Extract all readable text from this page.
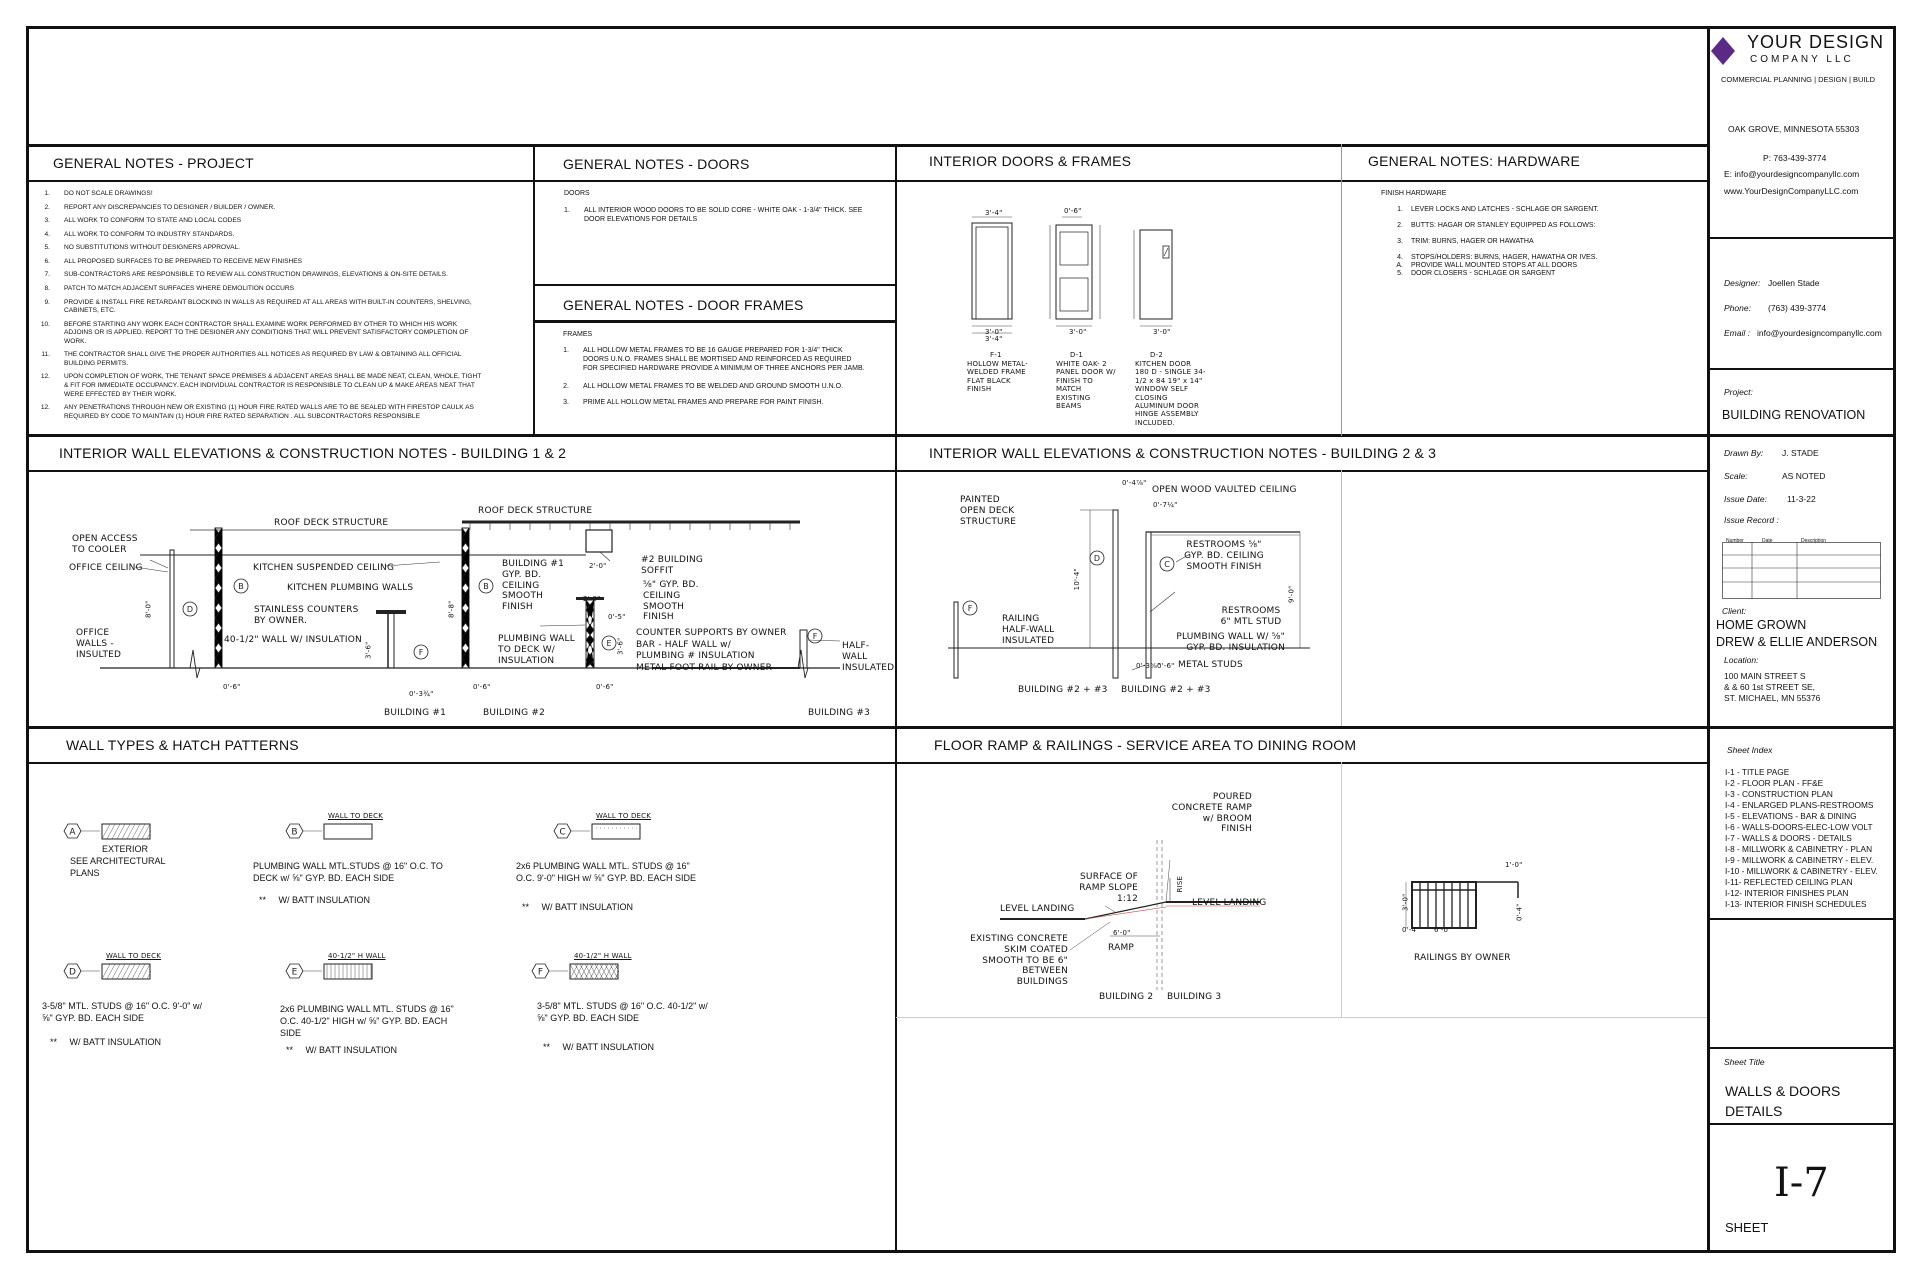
GENERAL NOTES - PROJECT
1.	DO NOT SCALE DRAWINGS!
2.	REPORT ANY DISCREPANCIES TO DESIGNER / BUILDER / OWNER.
3.	ALL WORK TO CONFORM TO STATE AND LOCAL CODES
4.	ALL WORK TO CONFORM TO INDUSTRY STANDARDS.
5.	NO SUBSTITUTIONS WITHOUT DESIGNERS APPROVAL.
6.	ALL PROPOSED SURFACES TO BE PREPARED TO RECEIVE NEW FINISHES
7.	SUB-CONTRACTORS ARE RESPONSIBLE TO REVIEW ALL CONSTRUCTION DRAWINGS, ELEVATIONS & ON-SITE DETAILS.
8.	PATCH TO MATCH ADJACENT SURFACES WHERE DEMOLITION OCCURS
9.	PROVIDE & INSTALL FIRE RETARDANT BLOCKING IN WALLS AS REQUIRED AT ALL AREAS WITH BUILT-IN COUNTERS, SHELVING, CABINETS, ETC.
10.	BEFORE STARTING ANY WORK EACH CONTRACTOR SHALL EXAMINE WORK PERFORMED BY OTHER TO WHICH HIS WORK ADJOINS OR IS APPLIED. REPORT TO THE DESIGNER ANY CONDITIONS THAT WILL PREVENT SATISFACTORY COMPLETION OF WORK.
11.	THE CONTRACTOR SHALL GIVE THE PROPER AUTHORITIES ALL NOTICES AS REQUIRED BY LAW & OBTAINING ALL OFFICIAL BUILDING PERMITS.
12.	UPON COMPLETION OF WORK, THE TENANT SPACE PREMISES & ADJACENT AREAS SHALL BE MADE NEAT, CLEAN, WHOLE, TIGHT & FIT FOR IMMEDIATE OCCUPANCY. EACH INDIVIDUAL CONTRACTOR IS RESPONSIBLE TO CLEAN UP & MAKE AREAS NEAT THAT WERE EFFECTED BY THEIR WORK.
12.	ANY PENETRATIONS THROUGH NEW OR EXISTING (1) HOUR FIRE RATED WALLS ARE TO BE SEALED WITH FIRESTOP CAULK AS REQUIRED BY CODE TO MAINTAIN (1) HOUR FIRE RATED SEPARATION . ALL SUBCONTRACTORS RESPONSIBLE
GENERAL NOTES - DOORS
DOORS
1. ALL INTERIOR WOOD DOORS TO BE SOLID CORE - WHITE OAK - 1-3/4" THICK. SEE DOOR ELEVATIONS FOR DETAILS
GENERAL NOTES - DOOR FRAMES
FRAMES
1.	ALL HOLLOW METAL FRAMES TO BE 16 GAUGE PREPARED FOR 1-3/4" THICK DOORS U.N.O. FRAMES SHALL BE MORTISED AND REINFORCED AS REQUIRED FOR SPECIFIED HARDWARE PROVIDE A MINIMUM OF THREE ANCHORS PER JAMB.
2.	ALL HOLLOW METAL FRAMES TO BE WELDED AND GROUND SMOOTH U.N.O.
3.	PRIME ALL HOLLOW METAL FRAMES AND PREPARE FOR PAINT FINISH.
INTERIOR DOORS & FRAMES
3'-4"	0'-6"
3'-0"
3'-4"
3'-0"	3'-0"
F-1
HOLLOW METAL- WELDED FRAME FLAT BLACK FINISH
D-1
WHITE OAK- 2 PANEL DOOR W/ FINISH TO MATCH EXISTING BEAMS
D-2
KITCHEN DOOR 180 D - SINGLE 34-1/2 x 84 19" x 14" WINDOW SELF CLOSING ALUMINUM DOOR HINGE ASSEMBLY INCLUDED.
GENERAL NOTES: HARDWARE
FINISH HARDWARE
1.	LEVER LOCKS AND LATCHES - SCHLAGE OR SARGENT.
2.	BUTTS: HAGAR OR STANLEY EQUIPPED AS FOLLOWS:
3.	TRIM: BURNS, HAGER OR HAWATHA
4.	STOPS/HOLDERS: BURNS, HAGER, HAWATHA OR IVES.
A.	PROVIDE WALL MOUNTED STOPS AT ALL DOORS
5.	DOOR CLOSERS - SCHLAGE OR SARGENT
INTERIOR WALL ELEVATIONS & CONSTRUCTION NOTES - BUILDING 1 & 2
D
B	B
F
E
F
ROOF DECK STRUCTURE
ROOF DECK STRUCTURE
OPEN ACCESS TO COOLER
OFFICE CEILING	KITCHEN SUSPENDED CEILING
KITCHEN PLUMBING WALLS
STAINLESS COUNTERS BY OWNER.
40-1/2" WALL W/ INSULATION
OFFICE WALLS - INSULTED
BUILDING #1 GYP. BD. CEILING SMOOTH FINISH
#2 BUILDING SOFFIT
⅝" GYP. BD. CEILING SMOOTH FINISH
PLUMBING WALL TO DECK W/ INSULATION
COUNTER SUPPORTS BY OWNER
BAR - HALF WALL w/ PLUMBING # INSULATION
METAL FOOT RAIL BY OWNER
HALF-WALL INSULATED
BUILDING #1	BUILDING #2	BUILDING #3
0'-6"	0'-6"	0'-6"
0'-3¾"
2'-0"
2'-0"
0'-5"
8'-0"	8'-8"
3'-6"	3'-6"
INTERIOR WALL ELEVATIONS & CONSTRUCTION NOTES - BUILDING 2 & 3
F
D
C
PAINTED OPEN DECK STRUCTURE
OPEN WOOD VAULTED CEILING
RESTROOMS ⅝" GYP. BD. CEILING SMOOTH FINISH
RESTROOMS 6" MTL STUD
PLUMBING WALL W/ ⅝" GYP. BD. INSULATION
RAILING HALF-WALL INSULATED
METAL STUDS
BUILDING #2 + #3 BUILDING #2 + #3
0'-4⅞"
0'-7¼"
10'-4"
9'-0"
0'-3⅝"
0'-6"
WALL TYPES & HATCH PATTERNS
A
EXTERIOR
SEE ARCHITECTURAL PLANS
B
WALL TO DECK
PLUMBING WALL MTL.STUDS @ 16" O.C. TO DECK w/ ⅝" GYP. BD. EACH SIDE
**     W/ BATT INSULATION
C
WALL TO DECK
2x6 PLUMBING WALL MTL. STUDS @ 16" O.C. 9'-0" HIGH w/ ⅝" GYP. BD. EACH SIDE
**     W/ BATT INSULATION
D
WALL TO DECK
3-5/8" MTL. STUDS @ 16" O.C. 9'-0" w/ ⅝" GYP. BD. EACH SIDE
**     W/ BATT INSULATION
E
40-1/2" H WALL
2x6 PLUMBING WALL MTL. STUDS @ 16" O.C. 40-1/2" HIGH w/ ⅝" GYP. BD. EACH SIDE
**     W/ BATT INSULATION
F
40-1/2" H WALL
3-5/8" MTL. STUDS @ 16" O.C. 40-1/2" w/ ⅝" GYP. BD. EACH SIDE
**     W/ BATT INSULATION
FLOOR RAMP & RAILINGS - SERVICE AREA TO DINING ROOM
POURED CONCRETE RAMP w/ BROOM FINISH
SURFACE OF RAMP SLOPE 1:12
RISE
LEVEL LANDING
LEVEL LANDING
EXISTING CONCRETE SKIM COATED SMOOTH TO BE 6" BETWEEN BUILDINGS
RAMP
6'-0"
BUILDING 2 BUILDING 3
1'-0"
3'-0"
0'-4" 6'-0"
0'-4"
RAILINGS BY OWNER
YOUR DESIGN
COMPANY LLC
COMMERCIAL PLANNING | DESIGN | BUILD
OAK GROVE, MINNESOTA 55303
P: 763-439-3774
E: info@yourdesigncompanyllc.com
www.YourDesignCompanyLLC.com
Designer: Joellen Stade
Phone: (763) 439-3774
Email : info@yourdesigncompanyllc.com
Project:
BUILDING RENOVATION
Drawn By: J. STADE
Scale:	AS NOTED
Issue Date: 11-3-22
Issue Record :
Number	Date	Description
Client:
HOME GROWN
DREW & ELLIE ANDERSON
Location:
100 MAIN STREET S
& & 60 1st STREET SE,
ST. MICHAEL, MN 55376
Sheet Index
I-1 - TITLE PAGE
I-2 - FLOOR PLAN - FF&E
I-3 - CONSTRUCTION PLAN
I-4 - ENLARGED PLANS-RESTROOMS
I-5 - ELEVATIONS - BAR & DINING
I-6 - WALLS-DOORS-ELEC-LOW VOLT
I-7 - WALLS & DOORS - DETAILS
I-8 - MILLWORK & CABINETRY - PLAN
I-9 - MILLWORK & CABINETRY - ELEV.
I-10 - MILLWORK & CABINETRY - ELEV.
I-11- REFLECTED CEILING PLAN
I-12- INTERIOR FINISHES PLAN
I-13- INTERIOR FINISH SCHEDULES
Sheet Title
WALLS & DOORS
DETAILS
I-7
SHEET
